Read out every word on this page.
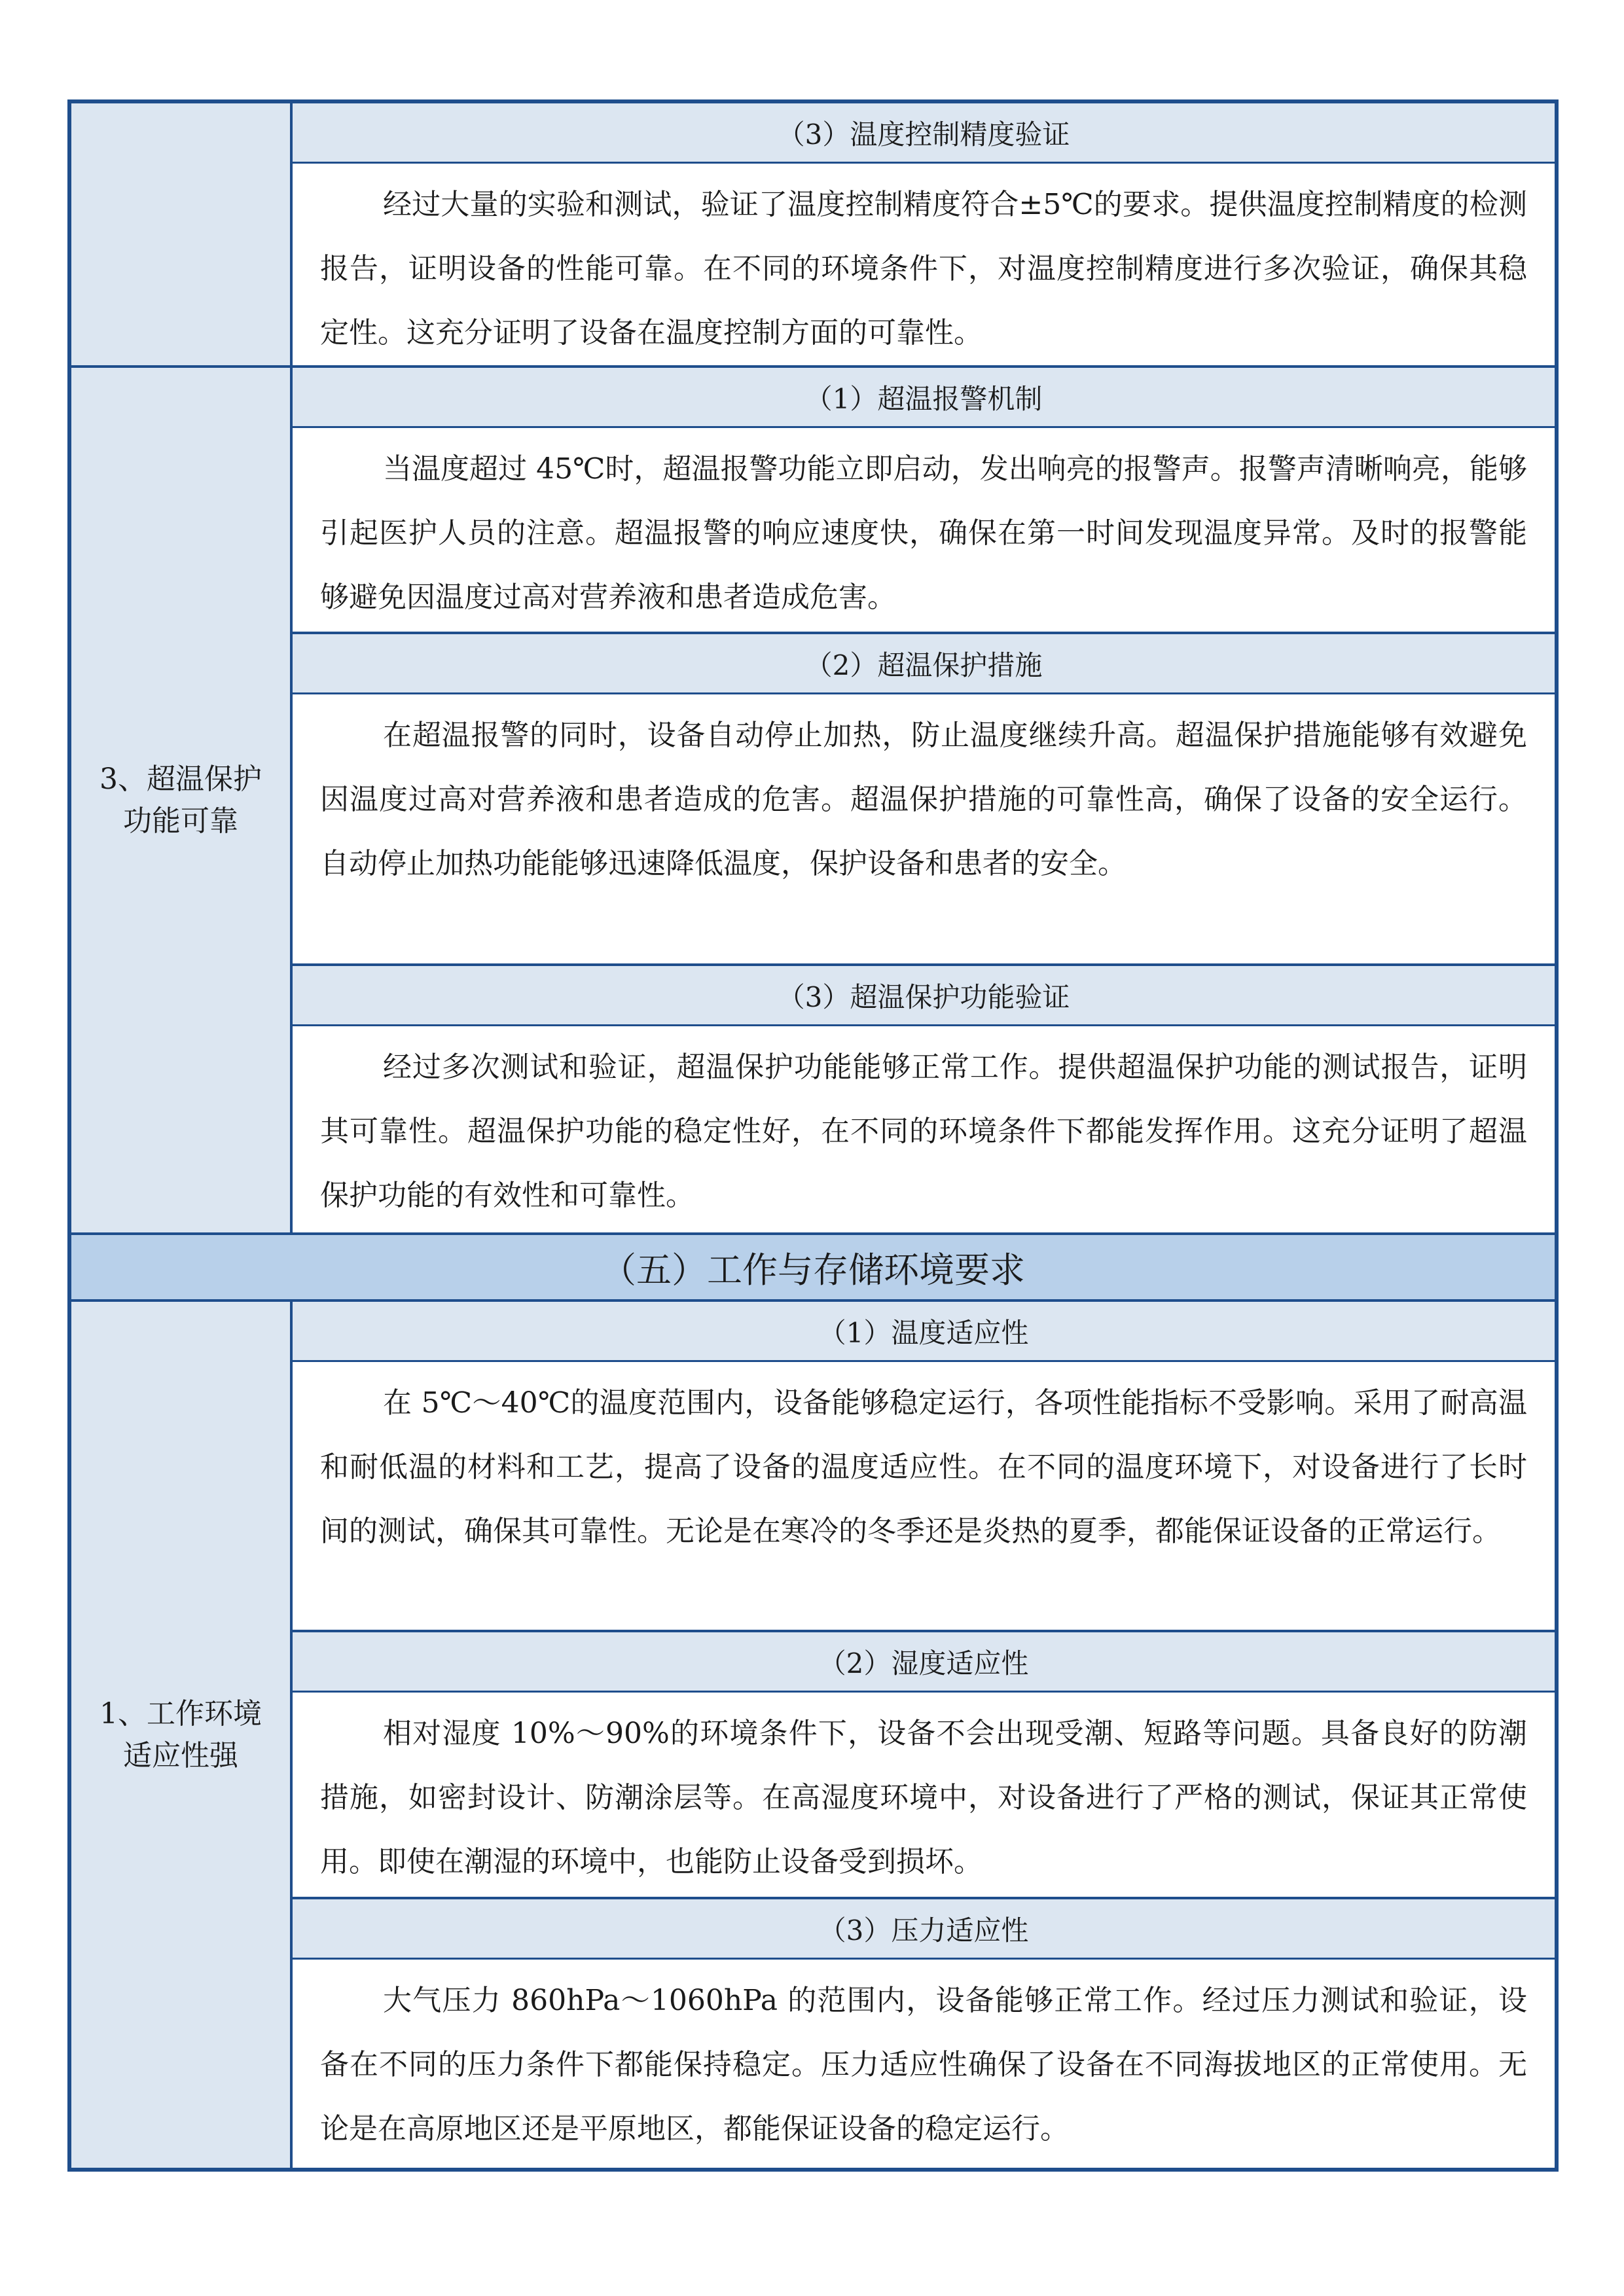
（3）温度控制精度验证
经过大量的实验和测试，验证了温度控制精度符合±5℃的要求。提供温度控制精度的检测报告，证明设备的性能可靠。在不同的环境条件下，对温度控制精度进行多次验证，确保其稳定性。这充分证明了设备在温度控制方面的可靠性。
3、超温保护功能可靠
（1）超温报警机制
当温度超过 45℃时，超温报警功能立即启动，发出响亮的报警声。报警声清晰响亮，能够引起医护人员的注意。超温报警的响应速度快，确保在第一时间发现温度异常。及时的报警能够避免因温度过高对营养液和患者造成危害。
（2）超温保护措施
在超温报警的同时，设备自动停止加热，防止温度继续升高。超温保护措施能够有效避免因温度过高对营养液和患者造成的危害。超温保护措施的可靠性高，确保了设备的安全运行。自动停止加热功能能够迅速降低温度，保护设备和患者的安全。
（3）超温保护功能验证
经过多次测试和验证，超温保护功能能够正常工作。提供超温保护功能的测试报告，证明其可靠性。超温保护功能的稳定性好，在不同的环境条件下都能发挥作用。这充分证明了超温保护功能的有效性和可靠性。
（五）工作与存储环境要求
1、工作环境适应性强
（1）温度适应性
在 5℃～40℃的温度范围内，设备能够稳定运行，各项性能指标不受影响。采用了耐高温和耐低温的材料和工艺，提高了设备的温度适应性。在不同的温度环境下，对设备进行了长时间的测试，确保其可靠性。无论是在寒冷的冬季还是炎热的夏季，都能保证设备的正常运行。
（2）湿度适应性
相对湿度 10%～90%的环境条件下，设备不会出现受潮、短路等问题。具备良好的防潮措施，如密封设计、防潮涂层等。在高湿度环境中，对设备进行了严格的测试，保证其正常使用。即使在潮湿的环境中，也能防止设备受到损坏。
（3）压力适应性
大气压力 860hPa～1060hPa 的范围内，设备能够正常工作。经过压力测试和验证，设备在不同的压力条件下都能保持稳定。压力适应性确保了设备在不同海拔地区的正常使用。无论是在高原地区还是平原地区，都能保证设备的稳定运行。
